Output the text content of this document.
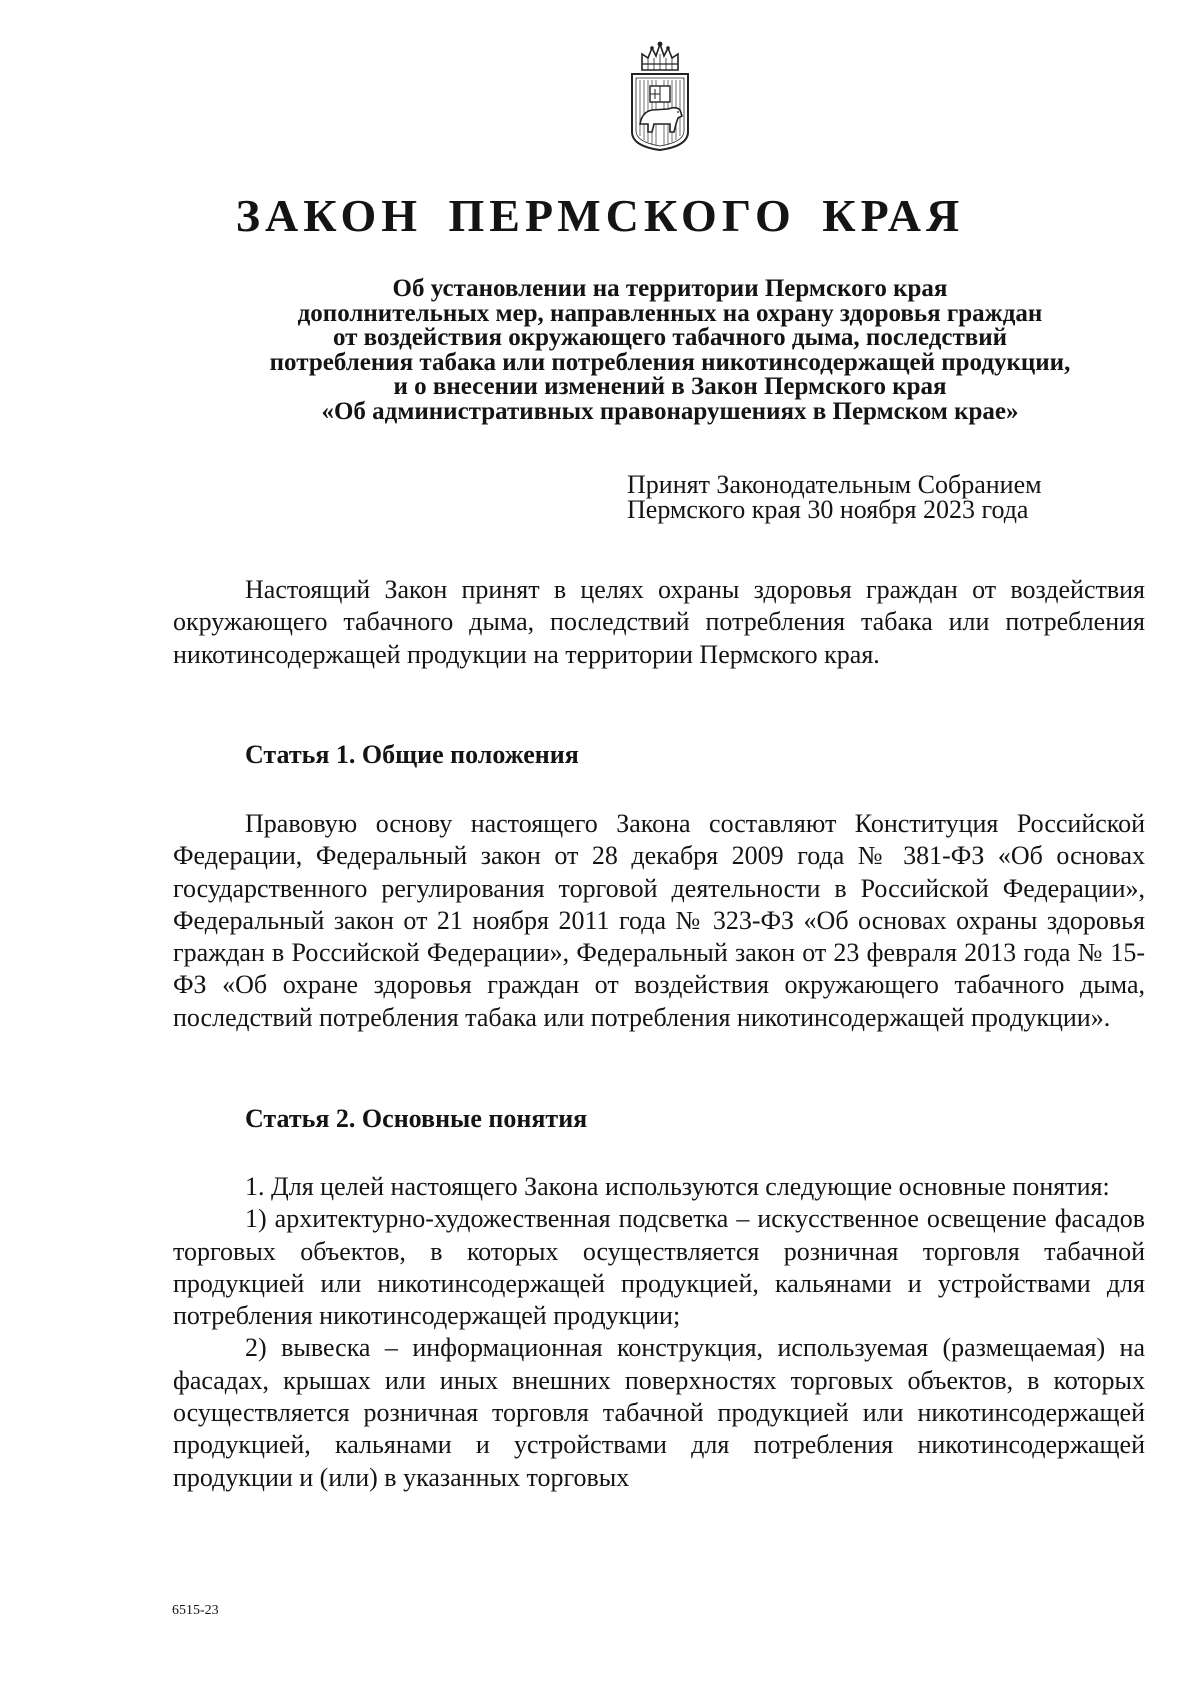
ЗАКОН ПЕРМСКОГО КРАЯ
Об установлении на территории Пермского края
дополнительных мер, направленных на охрану здоровья граждан
от воздействия окружающего табачного дыма, последствий
потребления табака или потребления никотинсодержащей продукции,
и о внесении изменений в Закон Пермского края
«Об административных правонарушениях в Пермском крае»
Принят Законодательным Собранием
Пермского края 30 ноября 2023 года

Настоящий Закон принят в целях охраны здоровья граждан от воздействия окружающего табачного дыма, последствий потребления табака или потребления никотинсодержащей продукции на территории Пермского края.

Статья 1. Общие положения

Правовую основу настоящего Закона составляют Конституция Российской Федерации, Федеральный закон от 28 декабря 2009 года № 381-ФЗ «Об основах государственного регулирования торговой деятельности в Российской Федерации», Федеральный закон от 21 ноября 2011 года № 323-ФЗ «Об основах охраны здоровья граждан в Российской Федерации», Федеральный закон от 23 февраля 2013 года № 15-ФЗ «Об охране здоровья граждан от воздействия окружающего табачного дыма, последствий потребления табака или потребления никотинсодержащей продукции».

Статья 2. Основные понятия

1. Для целей настоящего Закона используются следующие основные понятия:

1) архитектурно-художественная подсветка – искусственное освещение фасадов торговых объектов, в которых осуществляется розничная торговля табачной продукцией или никотинсодержащей продукцией, кальянами и устройствами для потребления никотинсодержащей продукции;

2) вывеска – информационная конструкция, используемая (размещаемая) на фасадах, крышах или иных внешних поверхностях торговых объектов, в которых осуществляется розничная торговля табачной продукцией или никотинсодержащей продукцией, кальянами и устройствами для потребления никотинсодержащей продукции и (или) в указанных торговых

6515-23
